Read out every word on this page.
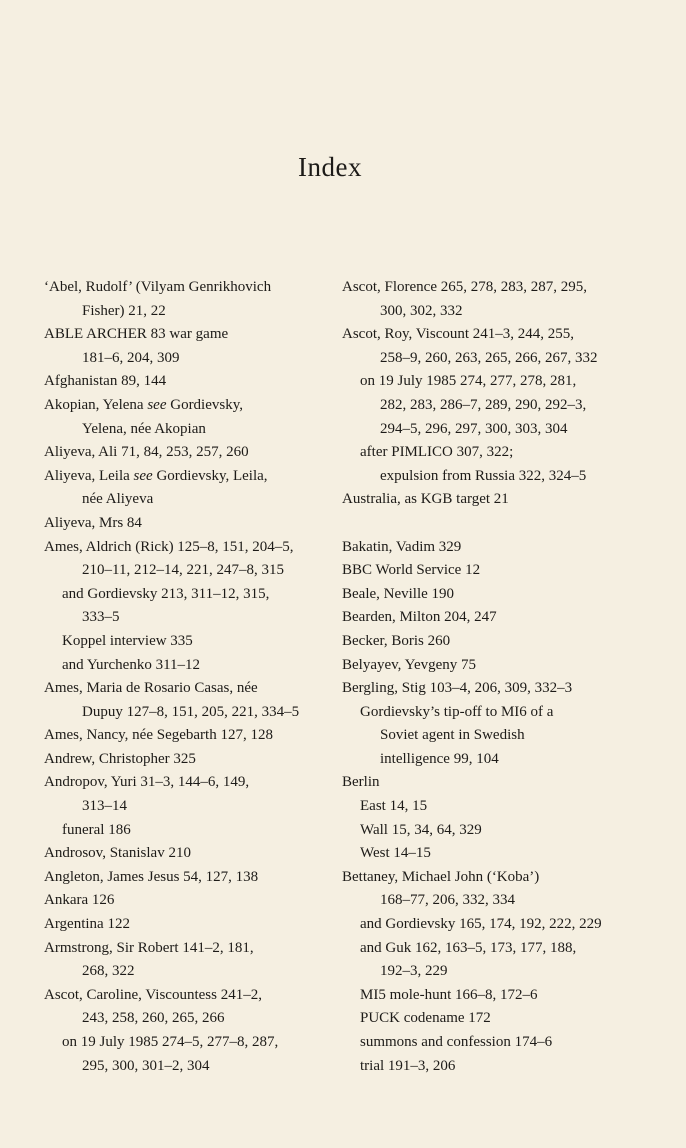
Index
‘Abel, Rudolf’ (Vilyam Genrikhovich
Fisher) 21, 22
ABLE ARCHER 83 war game
181–6, 204, 309
Afghanistan 89, 144
Akopian, Yelena see Gordievsky,
Yelena, née Akopian
Aliyeva, Ali 71, 84, 253, 257, 260
Aliyeva, Leila see Gordievsky, Leila,
née Aliyeva
Aliyeva, Mrs 84
Ames, Aldrich (Rick) 125–8, 151, 204–5,
210–11, 212–14, 221, 247–8, 315
and Gordievsky 213, 311–12, 315,
333–5
Koppel interview 335
and Yurchenko 311–12
Ames, Maria de Rosario Casas, née
Dupuy 127–8, 151, 205, 221, 334–5
Ames, Nancy, née Segebarth 127, 128
Andrew, Christopher 325
Andropov, Yuri 31–3, 144–6, 149,
313–14
funeral 186
Androsov, Stanislav 210
Angleton, James Jesus 54, 127, 138
Ankara 126
Argentina 122
Armstrong, Sir Robert 141–2, 181,
268, 322
Ascot, Caroline, Viscountess 241–2,
243, 258, 260, 265, 266
on 19 July 1985 274–5, 277–8, 287,
295, 300, 301–2, 304
Ascot, Florence 265, 278, 283, 287, 295,
300, 302, 332
Ascot, Roy, Viscount 241–3, 244, 255,
258–9, 260, 263, 265, 266, 267, 332
on 19 July 1985 274, 277, 278, 281,
282, 283, 286–7, 289, 290, 292–3,
294–5, 296, 297, 300, 303, 304
after PIMLICO 307, 322;
expulsion from Russia 322, 324–5
Australia, as KGB target 21
Bakatin, Vadim 329
BBC World Service 12
Beale, Neville 190
Bearden, Milton 204, 247
Becker, Boris 260
Belyayev, Yevgeny 75
Bergling, Stig 103–4, 206, 309, 332–3
Gordievsky’s tip-off to MI6 of a
Soviet agent in Swedish
intelligence 99, 104
Berlin
East 14, 15
Wall 15, 34, 64, 329
West 14–15
Bettaney, Michael John (‘Koba’)
168–77, 206, 332, 334
and Gordievsky 165, 174, 192, 222, 229
and Guk 162, 163–5, 173, 177, 188,
192–3, 229
MI5 mole-hunt 166–8, 172–6
PUCK codename 172
summons and confession 174–6
trial 191–3, 206
